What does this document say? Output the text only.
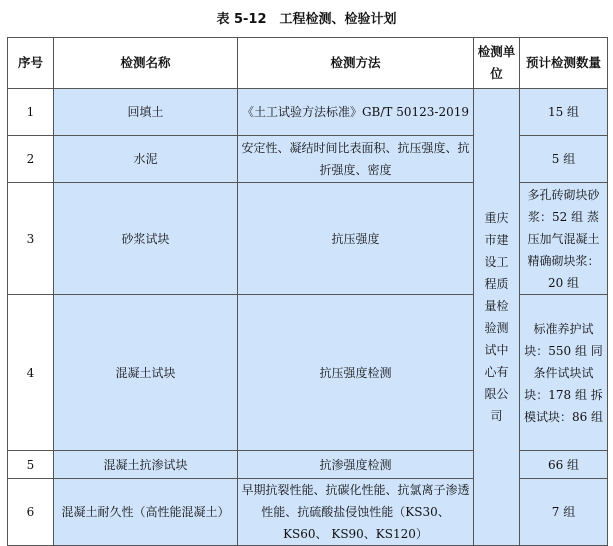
表 5-12　工程检测、检验计划
序号	检测名称	检测方法	检测单位	预计检测数量
1	回填土	《土工试验方法标准》GB/T 50123-2019	重庆市建设工程质量检验测试中心有限公司	15 组
2	水泥	安定性、凝结时间比表面积、抗压强度、抗折强度、密度		5 组
3	砂浆试块	抗压强度		多孔砖砌块砂浆：52 组 蒸压加气混凝土精确砌块浆：20 组
4	混凝土试块	抗压强度检测		标准养护试块：550 组 同条件试块试块：178 组 拆模试块：86 组
5	混凝土抗渗试块	抗渗强度检测		66 组
6	混凝土耐久性（高性能混凝土）	早期抗裂性能、抗碳化性能、抗氯离子渗透性能、抗硫酸盐侵蚀性能（KS30、KS60、 KS90、KS120）		7 组
